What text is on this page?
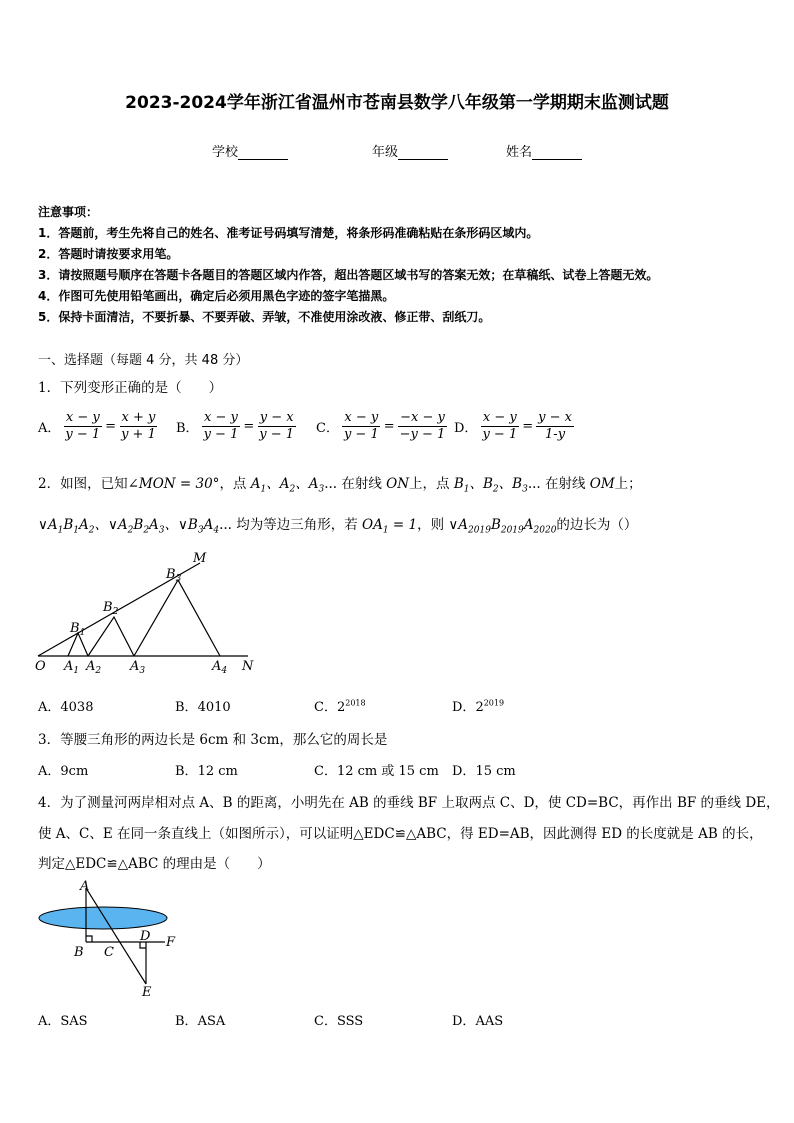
2023-2024学年浙江省温州市苍南县数学八年级第一学期期末监测试题
学校	年级	姓名
注意事项：
1．答题前，考生先将自己的姓名、准考证号码填写清楚，将条形码准确粘贴在条形码区域内。
2．答题时请按要求用笔。
3．请按照题号顺序在答题卡各题目的答题区域内作答，超出答题区域书写的答案无效；在草稿纸、试卷上答题无效。
4．作图可先使用铅笔画出，确定后必须用黑色字迹的签字笔描黑。
5．保持卡面清洁，不要折暴、不要弄破、弄皱，不准使用涂改液、修正带、刮纸刀。
一、选择题（每题 4 分，共 48 分）
1．下列变形正确的是（　　）
A． $\frac{x - y}{y - 1} = \frac{x + y}{y + 1}$ B． $\frac{x - y}{y - 1} = \frac{y - x}{y - 1}$ C． $\frac{x - y}{y - 1} = \frac{-x - y}{-y - 1}$ D． $\frac{x - y}{y - 1} = \frac{y - x}{1-y}$
2．如图，已知∠MON = 30°，点 $A_1$、$A_2$、$A_3$... 在射线 ON上，点 $B_1$、$B_2$、$B_3$... 在射线 OM上；
$\vee A_1B_1A_2$、$\vee A_2B_2A_3$、$\vee B_3A_4$... 均为等边三角形，若 $OA_1 = 1$，则 $\vee A_{2019}B_{2019}A_{2020}$的边长为（）
M
N
O
$B_1$
$B_2$
$B_3$
$A_1$ $A_2$ $A_3$	$A_4$
A．4038	B．4010	C．$2^{2018}$	D．$2^{2019}$
3．等腰三角形的两边长是 6cm 和 3cm，那么它的周长是
A．9cm	B．12 cm	C．12 cm 或 15 cm D．15 cm
4．为了测量河两岸相对点 A、B 的距离，小明先在 AB 的垂线 BF 上取两点 C、D，使 CD=BC，再作出 BF 的垂线 DE，
使 A、C、E 在同一条直线上（如图所示），可以证明△EDC≌△ABC，得 ED=AB，因此测得 ED 的长度就是 AB 的长，
判定△EDC≌△ABC 的理由是（　　）
A
B C
D F
E
A．SAS	B．ASA	C．SSS	D．AAS
